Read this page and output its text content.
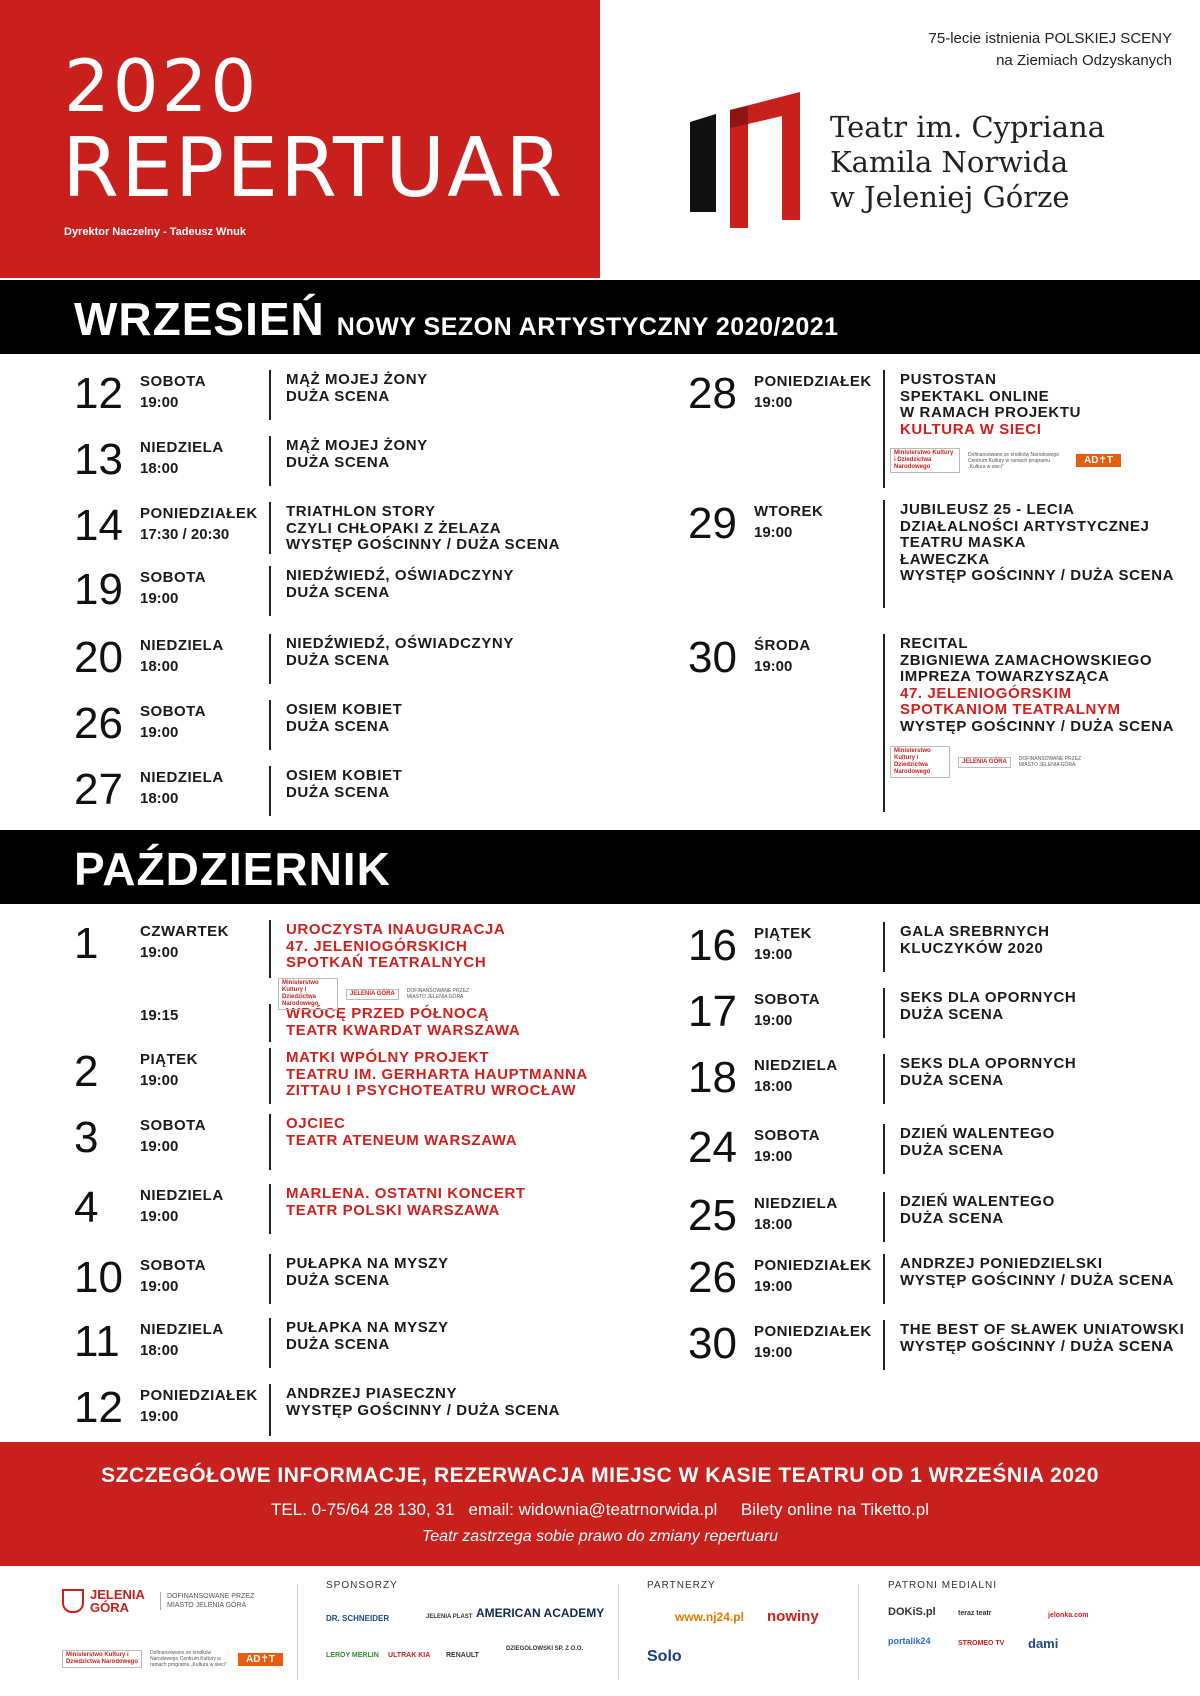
2020
REPERTUAR
Dyrektor Naczelny - Tadeusz Wnuk
75-lecie istnienia POLSKIEJ SCENY
na Ziemiach Odzyskanych
Teatr im. Cypriana
Kamila Norwida
w Jeleniej Górze
WRZESIEŃ NOWY SEZON ARTYSTYCZNY 2020/2021
12	SOBOTA
19:00
MĄŻ MOJEJ ŻONY
DUŻA SCENA
13	NIEDZIELA
18:00
MĄŻ MOJEJ ŻONY
DUŻA SCENA
14	PONIEDZIAŁEK
17:30 / 20:30
TRIATHLON STORY
CZYLI CHŁOPAKI Z ŻELAZA
WYSTĘP GOŚCINNY / DUŻA SCENA
19	SOBOTA
19:00
NIEDŹWIEDŹ, OŚWIADCZYNY
DUŻA SCENA
20	NIEDZIELA
18:00
NIEDŹWIEDŹ, OŚWIADCZYNY
DUŻA SCENA
26	SOBOTA
19:00
OSIEM KOBIET
DUŻA SCENA
27	NIEDZIELA
18:00
OSIEM KOBIET
DUŻA SCENA
28	PONIEDZIAŁEK
19:00
PUSTOSTAN
SPEKTAKL ONLINE
W RAMACH PROJEKTU
KULTURA W SIECI
29	WTOREK
19:00
JUBILEUSZ 25 - LECIA
DZIAŁALNOŚCI ARTYSTYCZNEJ
TEATRU MASKA
ŁAWECZKA
WYSTĘP GOŚCINNY / DUŻA SCENA
30	ŚRODA
19:00
RECITAL
ZBIGNIEWA ZAMACHOWSKIEGO
IMPREZA TOWARZYSZĄCA
47. JELENIOGÓRSKIM
SPOTKANIOM TEATRALNYM
WYSTĘP GOŚCINNY / DUŻA SCENA
Ministerstwo Kultury i Dziedzictwa Narodowego
Dofinansowano ze środków Narodowego Centrum Kultury w ramach programu „Kultura w sieci”
AD✝T
Ministerstwo Kultury i Dziedzictwa Narodowego
JELENIA GÓRA	DOFINANSOWANE PRZEZ MIASTO JELENIA GÓRA
PAŹDZIERNIK
1	CZWARTEK
19:00
UROCZYSTA INAUGURACJA
47. JELENIOGÓRSKICH
SPOTKAŃ TEATRALNYCH
19:15	WRÓCĘ PRZED PÓŁNOCĄ
TEATR KWARDAT WARSZAWA
2	PIĄTEK
19:00
MATKI WPÓLNY PROJEKT
TEATRU IM. GERHARTA HAUPTMANNA
ZITTAU I PSYCHOTEATRU WROCŁAW
3	SOBOTA
19:00
OJCIEC
TEATR ATENEUM WARSZAWA
4	NIEDZIELA
19:00
MARLENA. OSTATNI KONCERT
TEATR POLSKI WARSZAWA
10	SOBOTA
19:00
PUŁAPKA NA MYSZY
DUŻA SCENA
11	NIEDZIELA
18:00
PUŁAPKA NA MYSZY
DUŻA SCENA
12	PONIEDZIAŁEK
19:00
ANDRZEJ PIASECZNY
WYSTĘP GOŚCINNY / DUŻA SCENA
16	PIĄTEK
19:00
GALA SREBRNYCH
KLUCZYKÓW 2020
17	SOBOTA
19:00
SEKS DLA OPORNYCH
DUŻA SCENA
18	NIEDZIELA
18:00
SEKS DLA OPORNYCH
DUŻA SCENA
24	SOBOTA
19:00
DZIEŃ WALENTEGO
DUŻA SCENA
25	NIEDZIELA
18:00
DZIEŃ WALENTEGO
DUŻA SCENA
26	PONIEDZIAŁEK
19:00
ANDRZEJ PONIEDZIELSKI
WYSTĘP GOŚCINNY / DUŻA SCENA
30	PONIEDZIAŁEK
19:00
THE BEST OF SŁAWEK UNIATOWSKI
WYSTĘP GOŚCINNY / DUŻA SCENA
Ministerstwo Kultury i Dziedzictwa Narodowego
JELENIA GÓRA	DOFINANSOWANE PRZEZ MIASTO JELENIA GÓRA
SZCZEGÓŁOWE INFORMACJE, REZERWACJA MIEJSC W KASIE TEATRU OD 1 WRZEŚNIA 2020
TEL. 0-75/64 28 130, 31   email: widownia@teatrnorwida.pl     Bilety online na Tiketto.pl
Teatr zastrzega sobie prawo do zmiany repertuaru
JELENIA GÓRA
DOFINANSOWANE PRZEZ
MIASTO JELENIA GÓRA
Ministerstwo Kultury i Dziedzictwa Narodowego
Dofinansowano ze środków Narodowego Centrum Kultury w ramach programu „Kultura w sieci”
AD✝T
SPONSORZY
DR. SCHNEIDER	JELENIA PLAST AMERICAN ACADEMY
LEROY MERLIN ULTRAK KIA RENAULT
DZIEGOLOWSKI SP. Z O.O.
PARTNERZY
www.nj24.pl nowiny
Solo
PATRONI MEDIALNI
DOKiS.pl	teraz teatr	jelonka.com
portalik24	STROMEO TV dami
